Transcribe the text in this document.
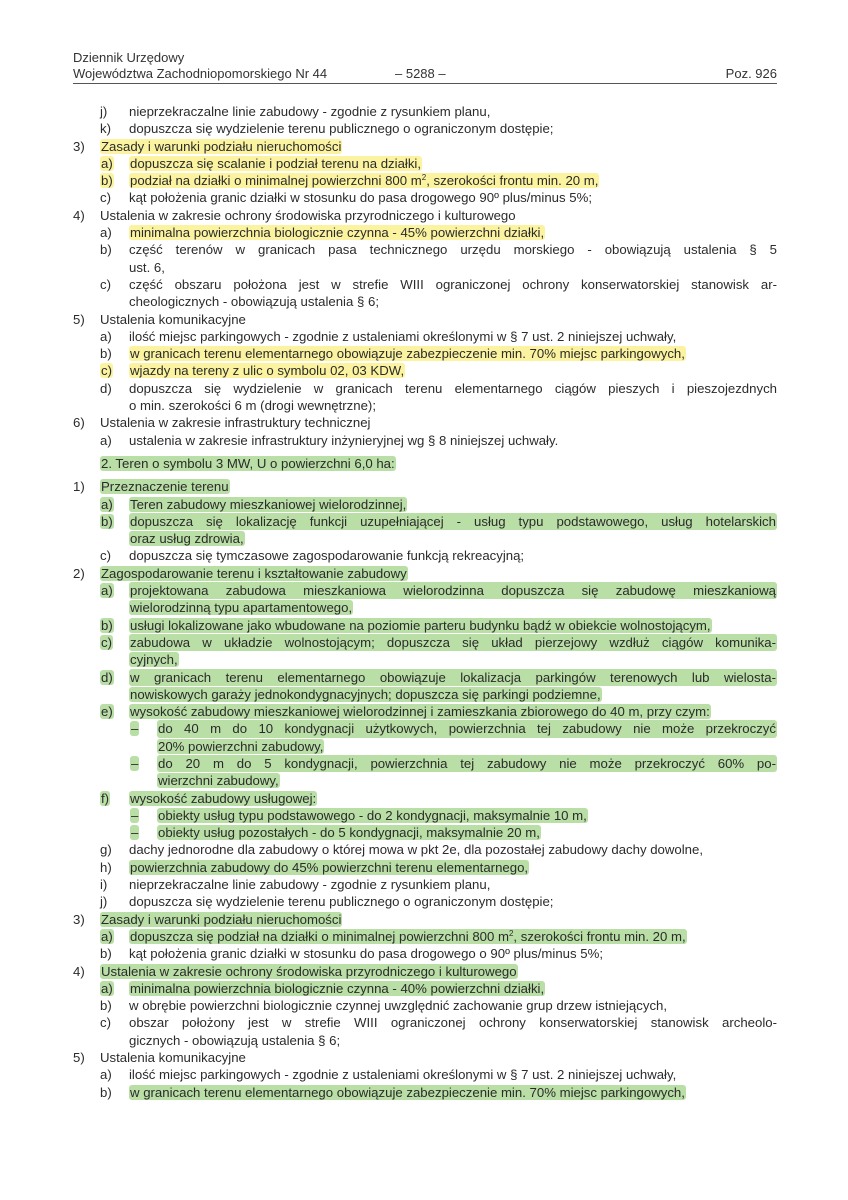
Dziennik Urzędowy
Województwa Zachodniopomorskiego Nr 44	– 5288 –	Poz. 926
j) nieprzekraczalne linie zabudowy - zgodnie z rysunkiem planu,
k) dopuszcza się wydzielenie terenu publicznego o ograniczonym dostępie;
3) Zasady i warunki podziału nieruchomości
a) dopuszcza się scalanie i podział terenu na działki,
b) podział na działki o minimalnej powierzchni 800 $m^2$, szerokości frontu min. 20 m,
c) kąt położenia granic działki w stosunku do pasa drogowego 90º plus/minus 5%;
4) Ustalenia w zakresie ochrony środowiska przyrodniczego i kulturowego
a) minimalna powierzchnia biologicznie czynna - 45% powierzchni działki,
b) część terenów w granicach pasa technicznego urzędu morskiego - obowiązują ustalenia § 5
ust. 6,
c) część obszaru położona jest w strefie WIII ograniczonej ochrony konserwatorskiej stanowisk ar-
cheologicznych - obowiązują ustalenia § 6;
5) Ustalenia komunikacyjne
a) ilość miejsc parkingowych - zgodnie z ustaleniami określonymi w § 7 ust. 2 niniejszej uchwały,
b) w granicach terenu elementarnego obowiązuje zabezpieczenie min. 70% miejsc parkingowych,
c) wjazdy na tereny z ulic o symbolu 02, 03 KDW,
d) dopuszcza się wydzielenie w granicach terenu elementarnego ciągów pieszych i pieszojezdnych
o min. szerokości 6 m (drogi wewnętrzne);
6) Ustalenia w zakresie infrastruktury technicznej
a) ustalenia w zakresie infrastruktury inżynieryjnej wg § 8 niniejszej uchwały.
2. Teren o symbolu 3 MW, U o powierzchni 6,0 ha:
1) Przeznaczenie terenu
a) Teren zabudowy mieszkaniowej wielorodzinnej,
b) dopuszcza się lokalizację funkcji uzupełniającej - usług typu podstawowego, usług hotelarskich
oraz usług zdrowia,
c) dopuszcza się tymczasowe zagospodarowanie funkcją rekreacyjną;
2) Zagospodarowanie terenu i kształtowanie zabudowy
a) projektowana zabudowa mieszkaniowa wielorodzinna dopuszcza się zabudowę mieszkaniową
wielorodzinną typu apartamentowego,
b) usługi lokalizowane jako wbudowane na poziomie parteru budynku bądź w obiekcie wolnostojącym,
c) zabudowa w układzie wolnostojącym; dopuszcza się układ pierzejowy wzdłuż ciągów komunika-
cyjnych,
d) w granicach terenu elementarnego obowiązuje lokalizacja parkingów terenowych lub wielosta-
nowiskowych garaży jednokondygnacyjnych; dopuszcza się parkingi podziemne,
e) wysokość zabudowy mieszkaniowej wielorodzinnej i zamieszkania zbiorowego do 40 m, przy czym:
– do 40 m do 10 kondygnacji użytkowych, powierzchnia tej zabudowy nie może przekroczyć
20% powierzchni zabudowy,
– do 20 m do 5 kondygnacji, powierzchnia tej zabudowy nie może przekroczyć 60% po-
wierzchni zabudowy,
f) wysokość zabudowy usługowej:
– obiekty usług typu podstawowego - do 2 kondygnacji, maksymalnie 10 m,
– obiekty usług pozostałych - do 5 kondygnacji, maksymalnie 20 m,
g) dachy jednorodne dla zabudowy o której mowa w pkt 2e, dla pozostałej zabudowy dachy dowolne,
h) powierzchnia zabudowy do 45% powierzchni terenu elementarnego,
i) nieprzekraczalne linie zabudowy - zgodnie z rysunkiem planu,
j) dopuszcza się wydzielenie terenu publicznego o ograniczonym dostępie;
3) Zasady i warunki podziału nieruchomości
a) dopuszcza się podział na działki o minimalnej powierzchni 800 $m^2$, szerokości frontu min. 20 m,
b) kąt położenia granic działki w stosunku do pasa drogowego o 90º plus/minus 5%;
4) Ustalenia w zakresie ochrony środowiska przyrodniczego i kulturowego
a) minimalna powierzchnia biologicznie czynna - 40% powierzchni działki,
b) w obrębie powierzchni biologicznie czynnej uwzględnić zachowanie grup drzew istniejących,
c) obszar położony jest w strefie WIII ograniczonej ochrony konserwatorskiej stanowisk archeolo-
gicznych - obowiązują ustalenia § 6;
5) Ustalenia komunikacyjne
a) ilość miejsc parkingowych - zgodnie z ustaleniami określonymi w § 7 ust. 2 niniejszej uchwały,
b) w granicach terenu elementarnego obowiązuje zabezpieczenie min. 70% miejsc parkingowych,
